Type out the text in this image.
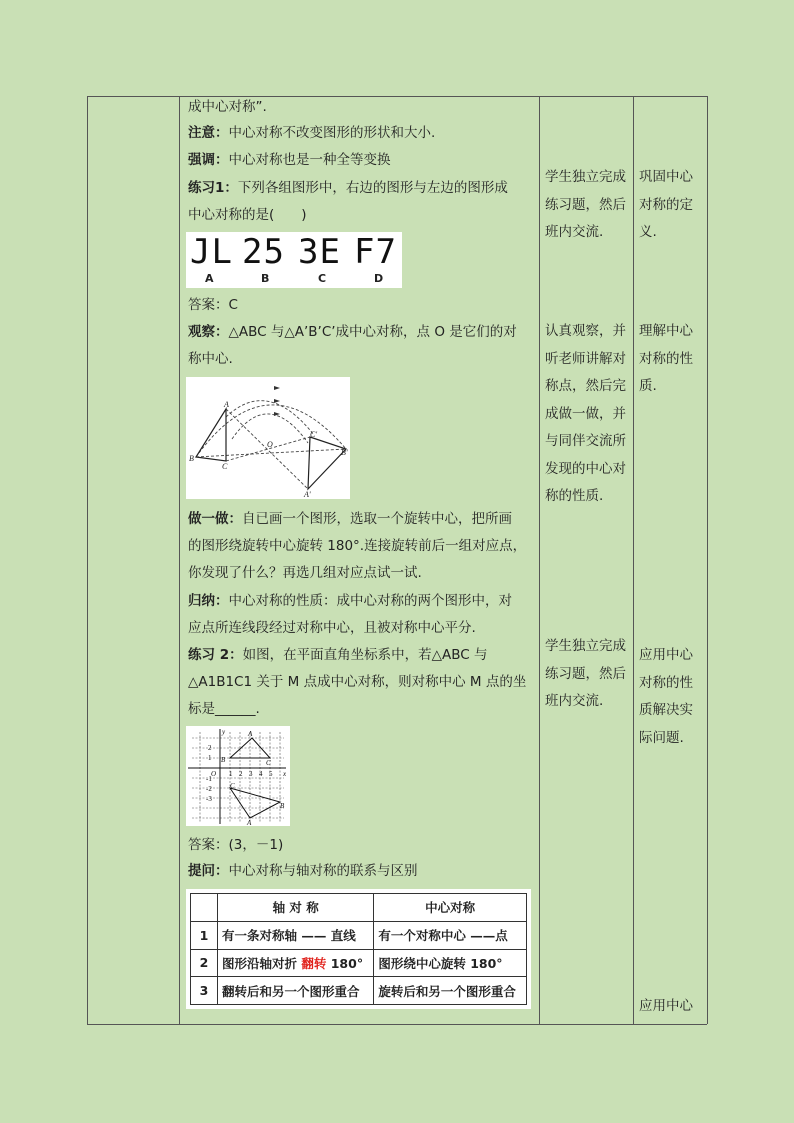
成中心对称”.
注意：中心对称不改变图形的形状和大小.
强调：中心对称也是一种全等变换
练习1：下列各组图形中，右边的图形与左边的图形成
中心对称的是(　　)
JL 25 3E F7
A	B	C	D
答案：C
观察：△ABC 与△A’B’C’成中心对称，点 O 是它们的对
称中心.
A
B
C
O
A'
B'
C'
做一做：自已画一个图形，选取一个旋转中心，把所画
的图形绕旋转中心旋转 180°.连接旋转前后一组对应点，
你发现了什么？再选几组对应点试一试.
归纳：中心对称的性质：成中心对称的两个图形中，对
应点所连线段经过对称中心，且被对称中心平分.
练习 2：如图，在平面直角坐标系中，若△ABC 与
△A1B1C1 关于 M 点成中心对称，则对称中心 M 点的坐
标是______.
y
x
O
A
B	C
A
B
C
1 2 3 4 5
2
1
-1
-2
-3
答案：(3，－1)
提问：中心对称与轴对称的联系与区别
	轴 对 称	中心对称
1	有一条对称轴 —— 直线	有一个对称中心 ——点
2	图形沿轴对折 翻转 180°	图形绕中心旋转 180°
3	翻转后和另一个图形重合	旋转后和另一个图形重合
学生独立完成练习题，然后班内交流.
认真观察，并听老师讲解对称点，然后完成做一做，并与同伴交流所发现的中心对称的性质.
学生独立完成练习题，然后班内交流.
巩固中心对称的定义.
理解中心对称的性质.
应用中心对称的性质解决实际问题.
应用中心
